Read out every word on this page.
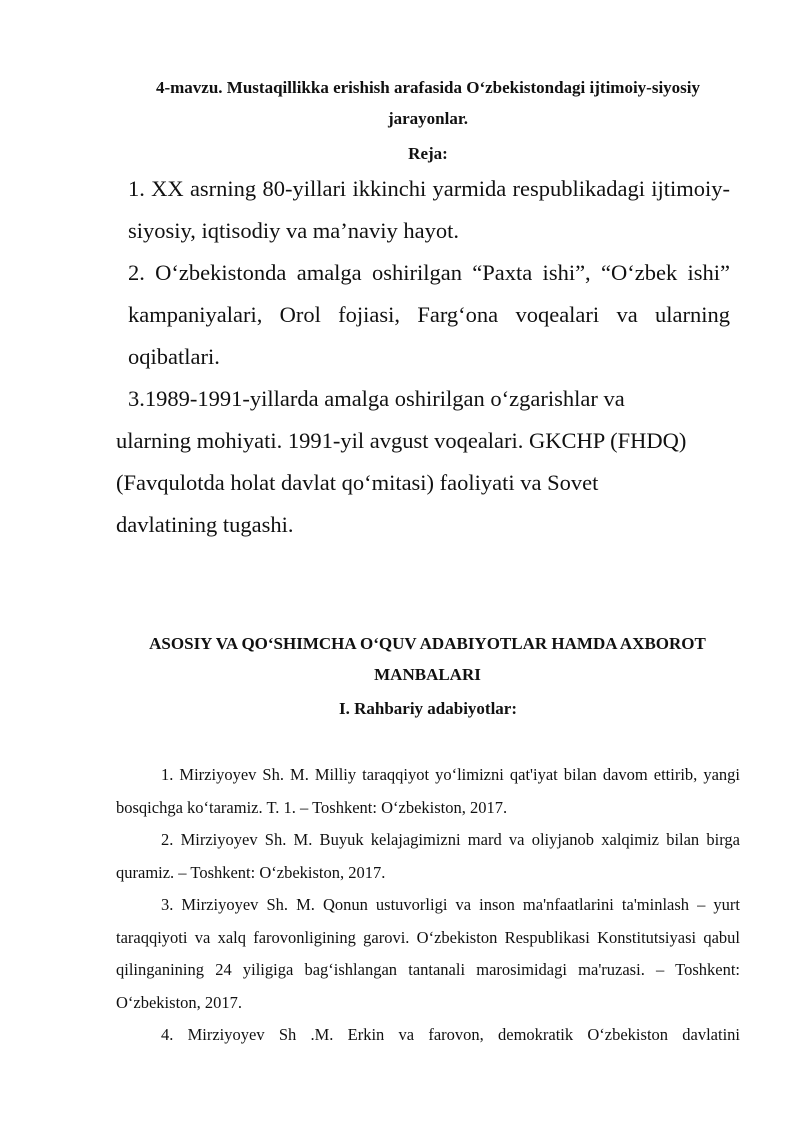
4-mavzu. Mustaqillikka erishish arafasida O‘zbekistondagi ijtimoiy-siyosiy jarayonlar.
Reja:
1. XX asrning 80-yillari ikkinchi yarmida respublikadagi ijtimoiy-siyosiy, iqtisodiy va ma’naviy hayot.
2. O‘zbekistonda amalga oshirilgan “Paxta ishi”, “O‘zbek ishi” kampaniyalari, Orol fojiasi, Farg‘ona voqealari va ularning oqibatlari.
3.1989-1991-yillarda amalga oshirilgan o‘zgarishlar va
ularning mohiyati. 1991-yil avgust voqealari. GKCHP (FHDQ)
(Favqulotda holat davlat qo‘mitasi) faoliyati va Sovet
davlatining tugashi.
ASOSIY VA QO‘SHIMCHA O‘QUV ADABIYOTLAR HAMDA AXBOROT MANBALARI
I. Rahbariy adabiyotlar:

1. Mirziyoyev Sh. M. Milliy taraqqiyot yo‘limizni qat'iyat bilan davom ettirib, yangi bosqichga ko‘taramiz. T. 1. – Toshkent: O‘zbekiston, 2017.

2. Mirziyoyev Sh. M. Buyuk kelajagimizni mard va oliyjanob xalqimiz bilan birga quramiz. – Toshkent: O‘zbekiston, 2017.

3. Mirziyoyev Sh. M. Qonun ustuvorligi va inson ma'nfaatlarini ta'minlash – yurt taraqqiyoti va xalq farovonligining garovi. O‘zbekiston Respublikasi Konstitutsiyasi qabul qilinganining 24 yiligiga bag‘ishlangan tantanali marosimidagi ma'ruzasi. – Toshkent: O‘zbekiston, 2017.

4. Mirziyoyev Sh .M. Erkin va farovon, demokratik O‘zbekiston davlatini
